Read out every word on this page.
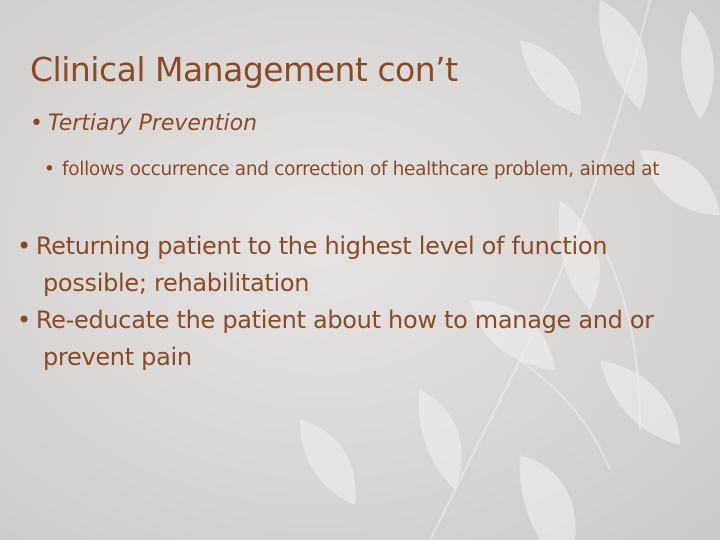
Clinical Management con’t
• Tertiary Prevention
• follows occurrence and correction of healthcare problem, aimed at
• Returning patient to the highest level of function possible; rehabilitation
• Re-educate the patient about how to manage and or prevent pain
